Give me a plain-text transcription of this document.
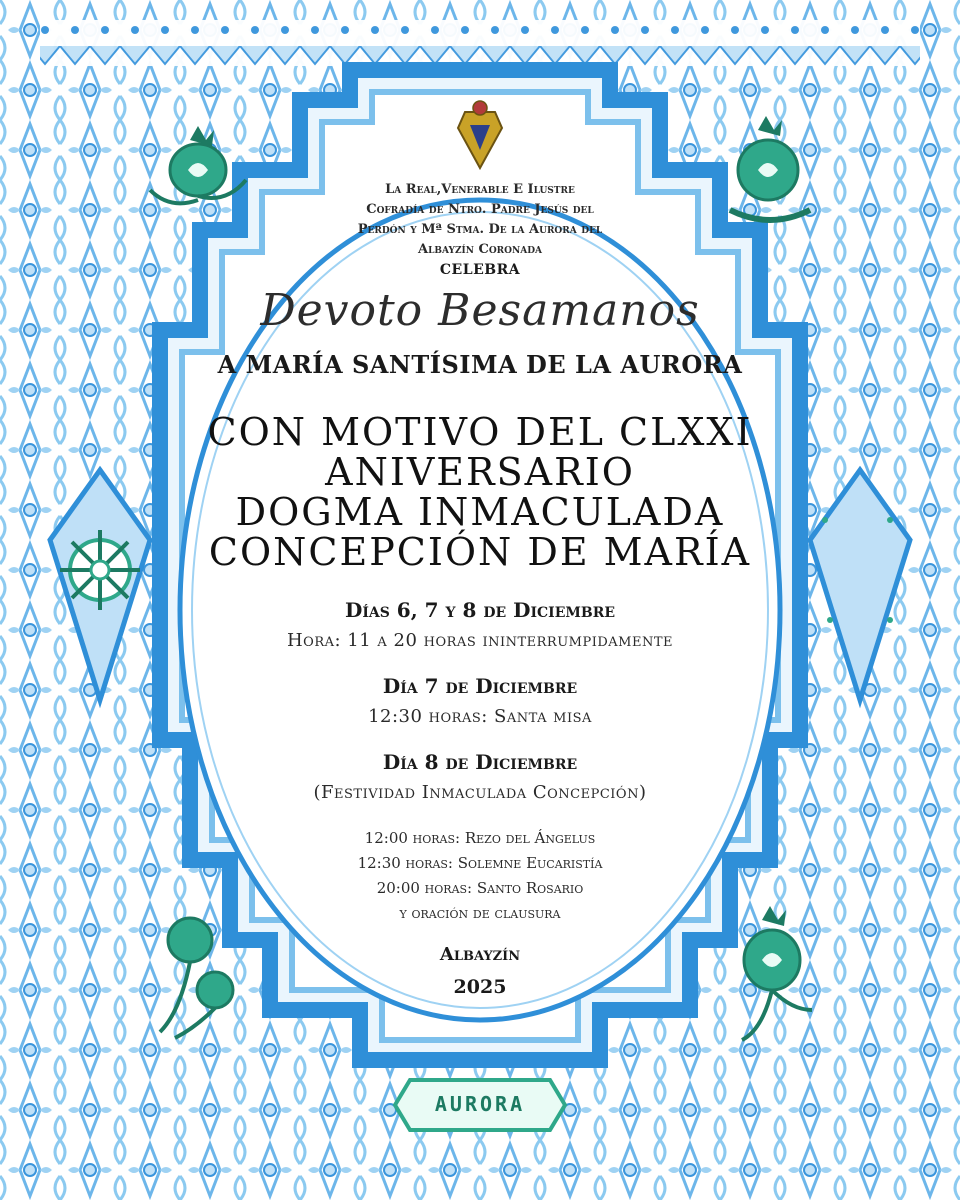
La Real,Venerable E Ilustre

Cofradía de Ntro. Padre Jesús del

Perdón y Mª Stma. De la Aurora del

Albayzín Coronada

CELEBRA

Devoto Besamanos

A MARÍA SANTÍSIMA DE LA AURORA

CON MOTIVO DEL CLXXI

ANIVERSARIO

DOGMA INMACULADA

CONCEPCIÓN DE MARÍA

Días 6, 7 y 8 de Diciembre

Hora: 11 a 20 horas ininterrumpidamente

Día 7 de Diciembre

12:30 horas: Santa misa

Día 8 de Diciembre

(Festividad Inmaculada Concepción)

12:00 horas: Rezo del Ángelus

12:30 horas: Solemne Eucaristía

20:00 horas: Santo Rosario

y oración de clausura

Albayzín

2025

AURORA
